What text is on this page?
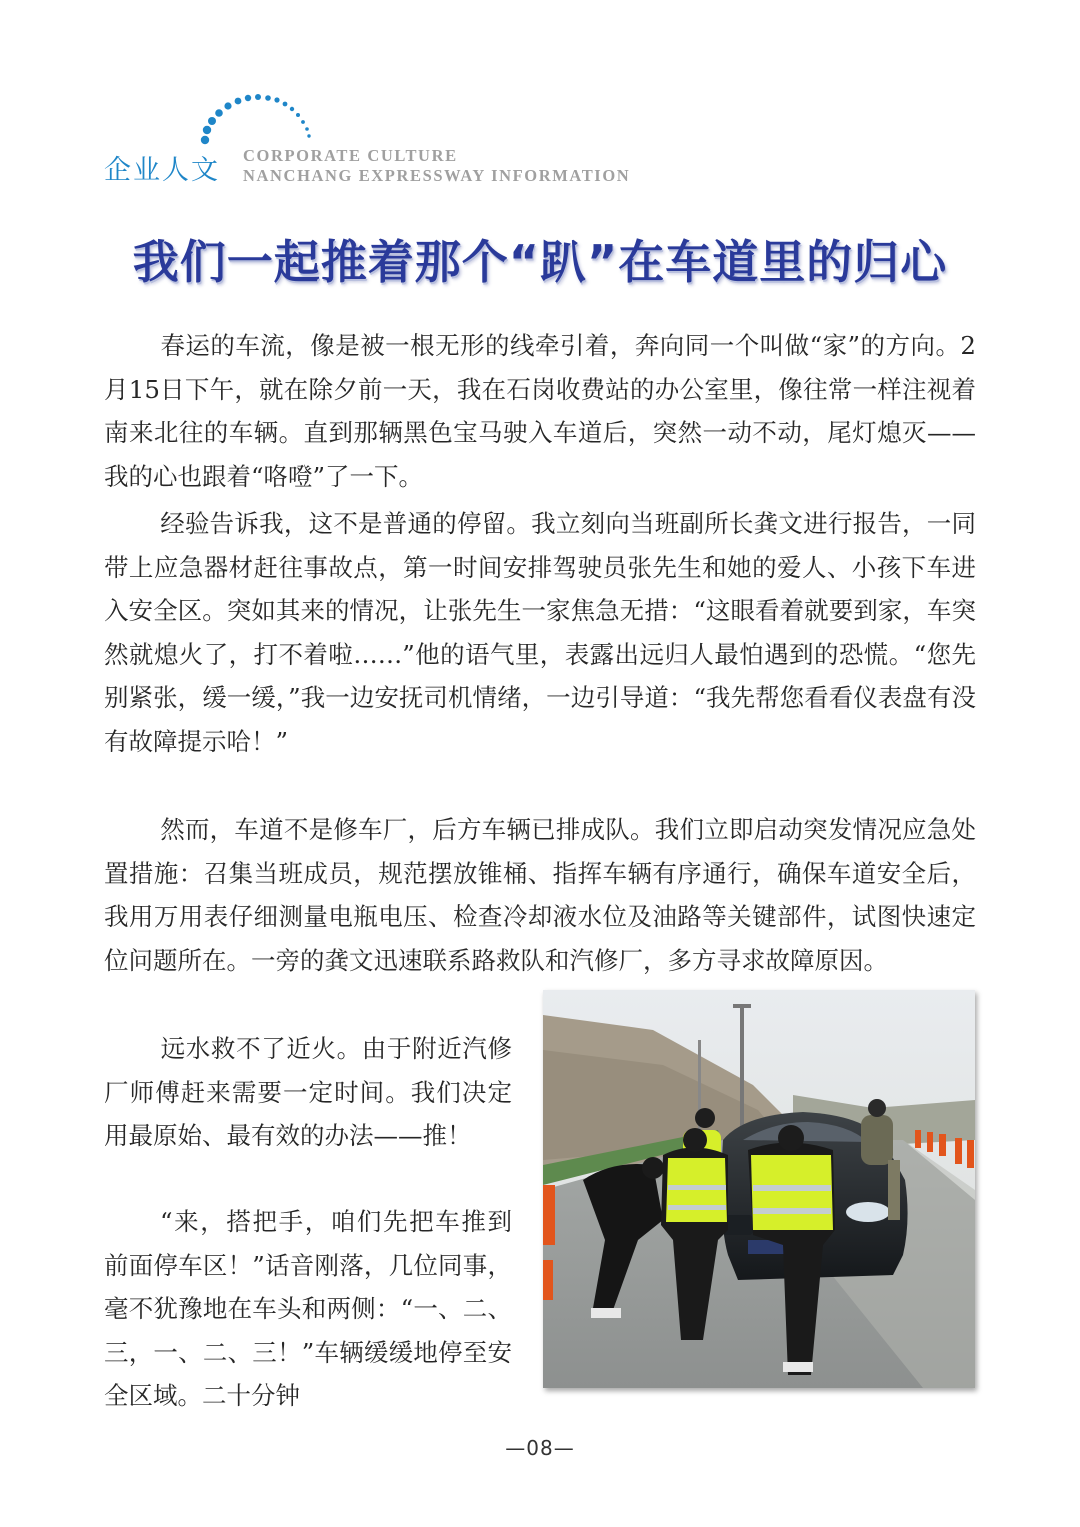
企业人文 CORPORATE CULTURE
NANCHANG EXPRESSWAY INFORMATION
我们一起推着那个“趴”在车道里的归心

春运的车流，像是被一根无形的线牵引着，奔向同一个叫做“家”的方向。2月15日下午，就在除夕前一天，我在石岗收费站的办公室里，像往常一样注视着南来北往的车辆。直到那辆黑色宝马驶入车道后，突然一动不动，尾灯熄灭——我的心也跟着“咯噔”了一下。

经验告诉我，这不是普通的停留。我立刻向当班副所长龚文进行报告，一同带上应急器材赶往事故点，第一时间安排驾驶员张先生和她的爱人、小孩下车进入安全区。突如其来的情况，让张先生一家焦急无措：“这眼看着就要到家，车突然就熄火了，打不着啦……”他的语气里，表露出远归人最怕遇到的恐慌。“您先别紧张，缓一缓，”我一边安抚司机情绪，一边引导道：“我先帮您看看仪表盘有没有故障提示哈！”

然而，车道不是修车厂，后方车辆已排成队。我们立即启动突发情况应急处置措施：召集当班成员，规范摆放锥桶、指挥车辆有序通行，确保车道安全后，我用万用表仔细测量电瓶电压、检查冷却液水位及油路等关键部件，试图快速定位问题所在。一旁的龚文迅速联系路救队和汽修厂，多方寻求故障原因。

远水救不了近火。由于附近汽修厂师傅赶来需要一定时间。我们决定用最原始、最有效的办法——推！

“来，搭把手，咱们先把车推到前面停车区！”话音刚落，几位同事，毫不犹豫地在车头和两侧：“一、二、三，一、二、三！”车辆缓缓地停至安全区域。二十分钟

—08—
